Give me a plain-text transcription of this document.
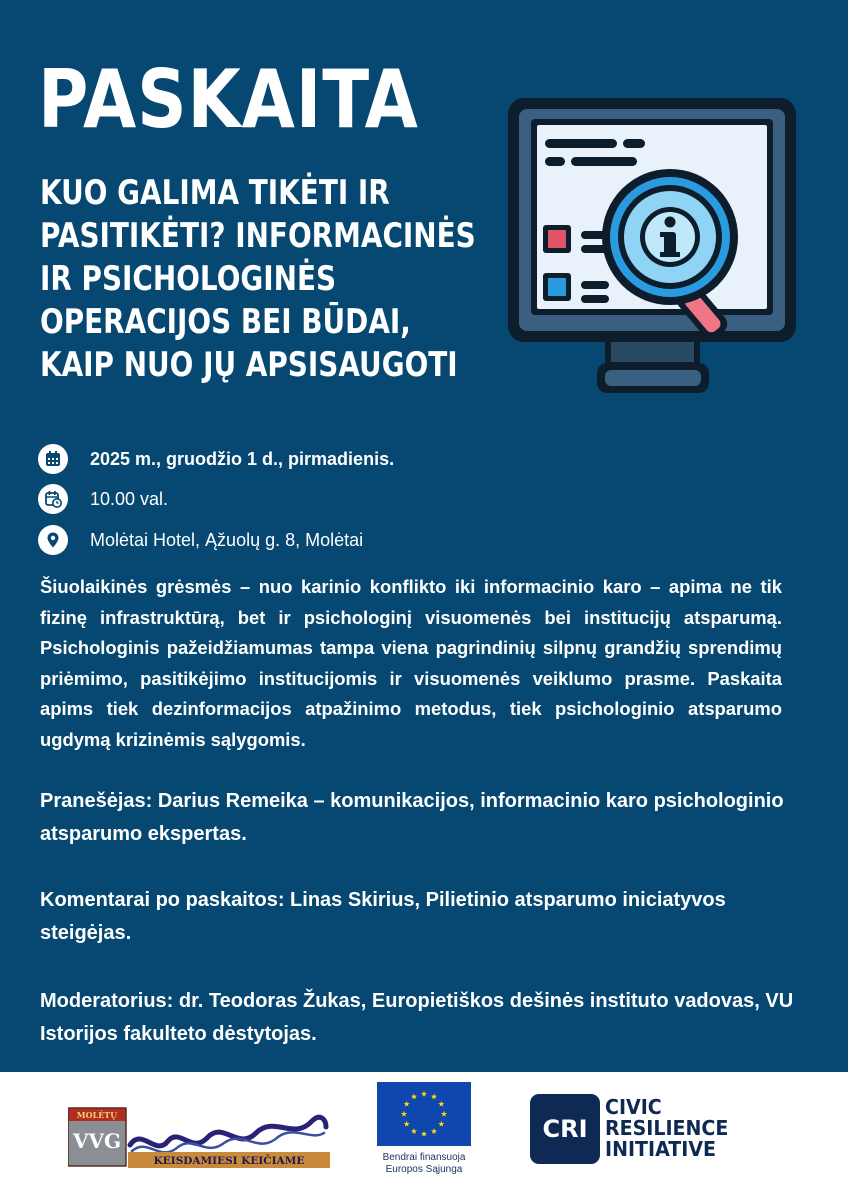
PASKAITA
KUO GALIMA TIKĖTI IR PASITIKĖTI? INFORMACINĖS IR PSICHOLOGINĖS OPERACIJOS BEI BŪDAI, KAIP NUO JŲ APSISAUGOTI
2025 m., gruodžio 1 d., pirmadienis.
10.00 val.
Molėtai Hotel, Ąžuolų g. 8, Molėtai

Šiuolaikinės grėsmės – nuo karinio konflikto iki informacinio karo – apima ne tik fizinę infrastruktūrą, bet ir psichologinį visuomenės bei institucijų atsparumą. Psichologinis pažeidžiamumas tampa viena pagrindinių silpnų grandžių sprendimų priėmimo, pasitikėjimo institucijomis ir visuomenės veiklumo prasme. Paskaita apims tiek dezinformacijos atpažinimo metodus, tiek psichologinio atsparumo ugdymą krizinėmis sąlygomis.

Pranešėjas: Darius Remeika – komunikacijos, informacinio karo psichologinio atsparumo ekspertas.

Komentarai po paskaitos: Linas Skirius, Pilietinio atsparumo iniciatyvos steigėjas.

Moderatorius: dr. Teodoras Žukas, Europietiškos dešinės instituto vadovas, VU Istorijos fakulteto dėstytojas.

MOLĖTŲ
VVG
KEISDAMIESI KEIČIAME	Bendrai finansuoja
Europos Sąjunga
CRI
CIVIC
RESILIENCE
INITIATIVE
